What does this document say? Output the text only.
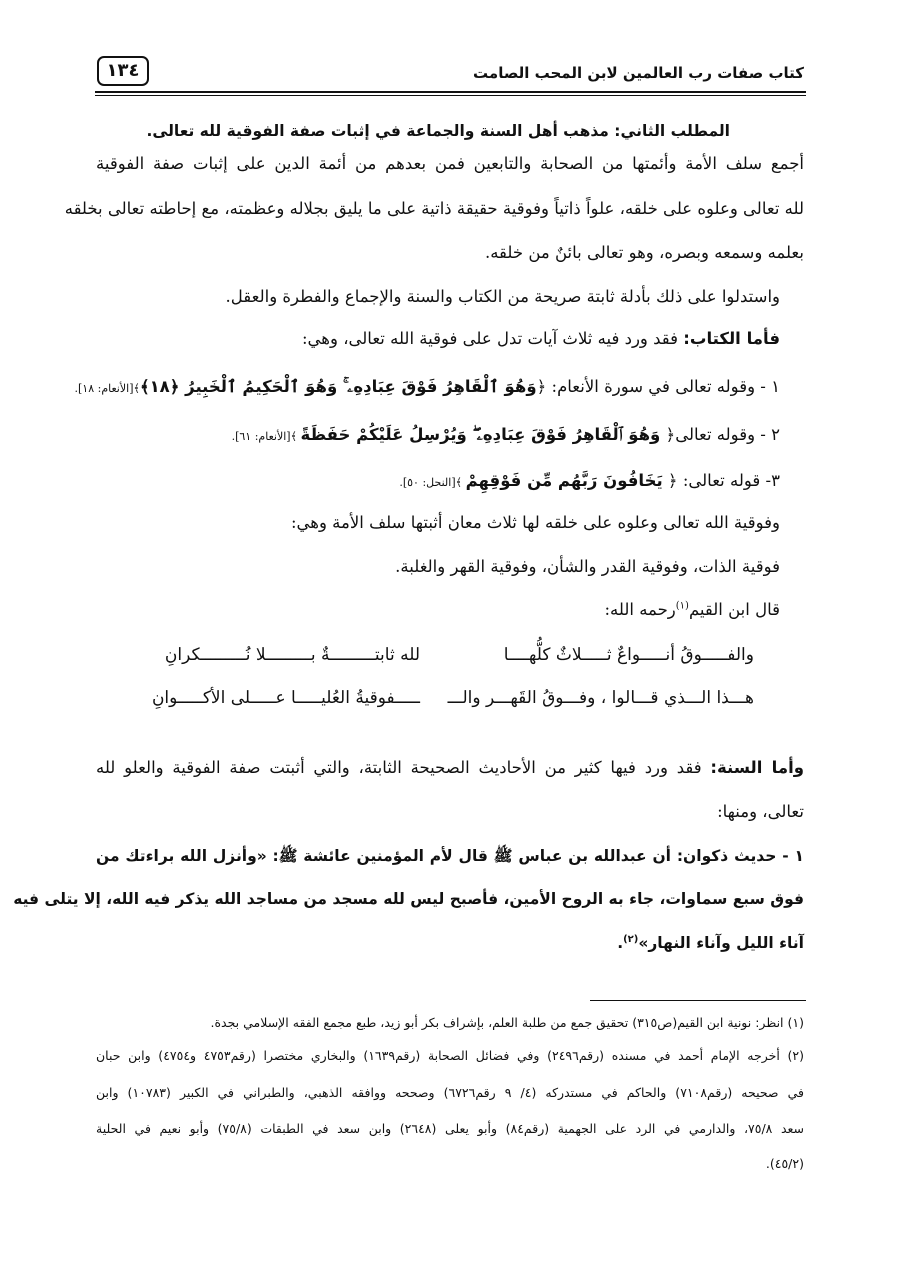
كتاب صفات رب العالمين لابن المحب الصامت
١٣٤
المطلب الثاني: مذهب أهل السنة والجماعة في إثبات صفة الفوقية لله تعالى.
أجمع سلف الأمة وأئمتها من الصحابة والتابعين فمن بعدهم من أئمة الدين على إثبات صفة الفوقية
لله تعالى وعلوه على خلقه، علواً ذاتياً وفوقية حقيقة ذاتية على ما يليق بجلاله وعظمته، مع إحاطته تعالى بخلقه
بعلمه وسمعه وبصره، وهو تعالى بائنٌ من خلقه.
واستدلوا على ذلك بأدلة ثابتة صريحة من الكتاب والسنة والإجماع والفطرة والعقل.
فأما الكتاب: فقد ورد فيه ثلاث آيات تدل على فوقية الله تعالى، وهي:
١ - وقوله تعالى في سورة الأنعام: ﴿وَهُوَ ٱلْقَاهِرُ فَوْقَ عِبَادِهِۦ ۚ وَهُوَ ٱلْحَكِيمُ ٱلْخَبِيرُ ﴿١٨﴾﴾[الأنعام: ١٨].
٢ - وقوله تعالى﴿ وَهُوَ ٱلْقَاهِرُ فَوْقَ عِبَادِهِۦ ۖ وَيُرْسِلُ عَلَيْكُمْ حَفَظَةً ﴾[الأنعام: ٦١].
٣- قوله تعالى: ﴿ يَخَافُونَ رَبَّهُم مِّن فَوْقِهِمْ ﴾[النحل: ٥٠].
وفوقية الله تعالى وعلوه على خلقه لها ثلاث معان أثبتها سلف الأمة وهي:
فوقية الذات، وفوقية القدر والشأن، وفوقية القهر والغلبة.
قال ابن القيم$^{(١)}$رحمه الله:
والفـــــوقُ أنـــــواعٌ ثـــــلاثٌ كلُّهــــا
لله ثابتـــــــــةٌ بـــــــــلا نُـــــــــكرانِ
هـــذا الـــذي قـــالوا ، وفـــوقُ القَهـــر والـــ
ـــــفوقيةُ العُليـــــا عـــــلى الأكـــــوانِ
وأما السنة: فقد ورد فيها كثير من الأحاديث الصحيحة الثابتة، والتي أثبتت صفة الفوقية والعلو لله
تعالى، ومنها:
١ - حديث ذكوان: أن عبدالله بن عباس ﷺ قال لأم المؤمنين عائشة ﷺ: «وأنزل الله براءتك من
فوق سبع سماوات، جاء به الروح الأمين، فأصبح ليس لله مسجد من مساجد الله يذكر فيه الله، إلا يتلى فيه
آناء الليل وآناء النهار»$^{(٢)}$.
(١) انظر: نونية ابن القيم(ص٣١٥) تحقيق جمع من طلبة العلم، بإشراف بكر أبو زيد، طبع مجمع الفقه الإسلامي بجدة.
(٢) أخرجه الإمام أحمد في مسنده (رقم٢٤٩٦) وفي فضائل الصحابة (رقم١٦٣٩) والبخاري مختصرا (رقم٤٧٥٣ و٤٧٥٤) وابن حبان
في صحيحه (رقم٧١٠٨) والحاكم في مستدركه (٤/ ٩ رقم٦٧٢٦) وصححه ووافقه الذهبي، والطبراني في الكبير (١٠٧٨٣) وابن
سعد ٧٥/٨، والدارمي في الرد على الجهمية (رقم٨٤) وأبو يعلى (٢٦٤٨) وابن سعد في الطبقات (٧٥/٨) وأبو نعيم في الحلية
(٤٥/٢).
